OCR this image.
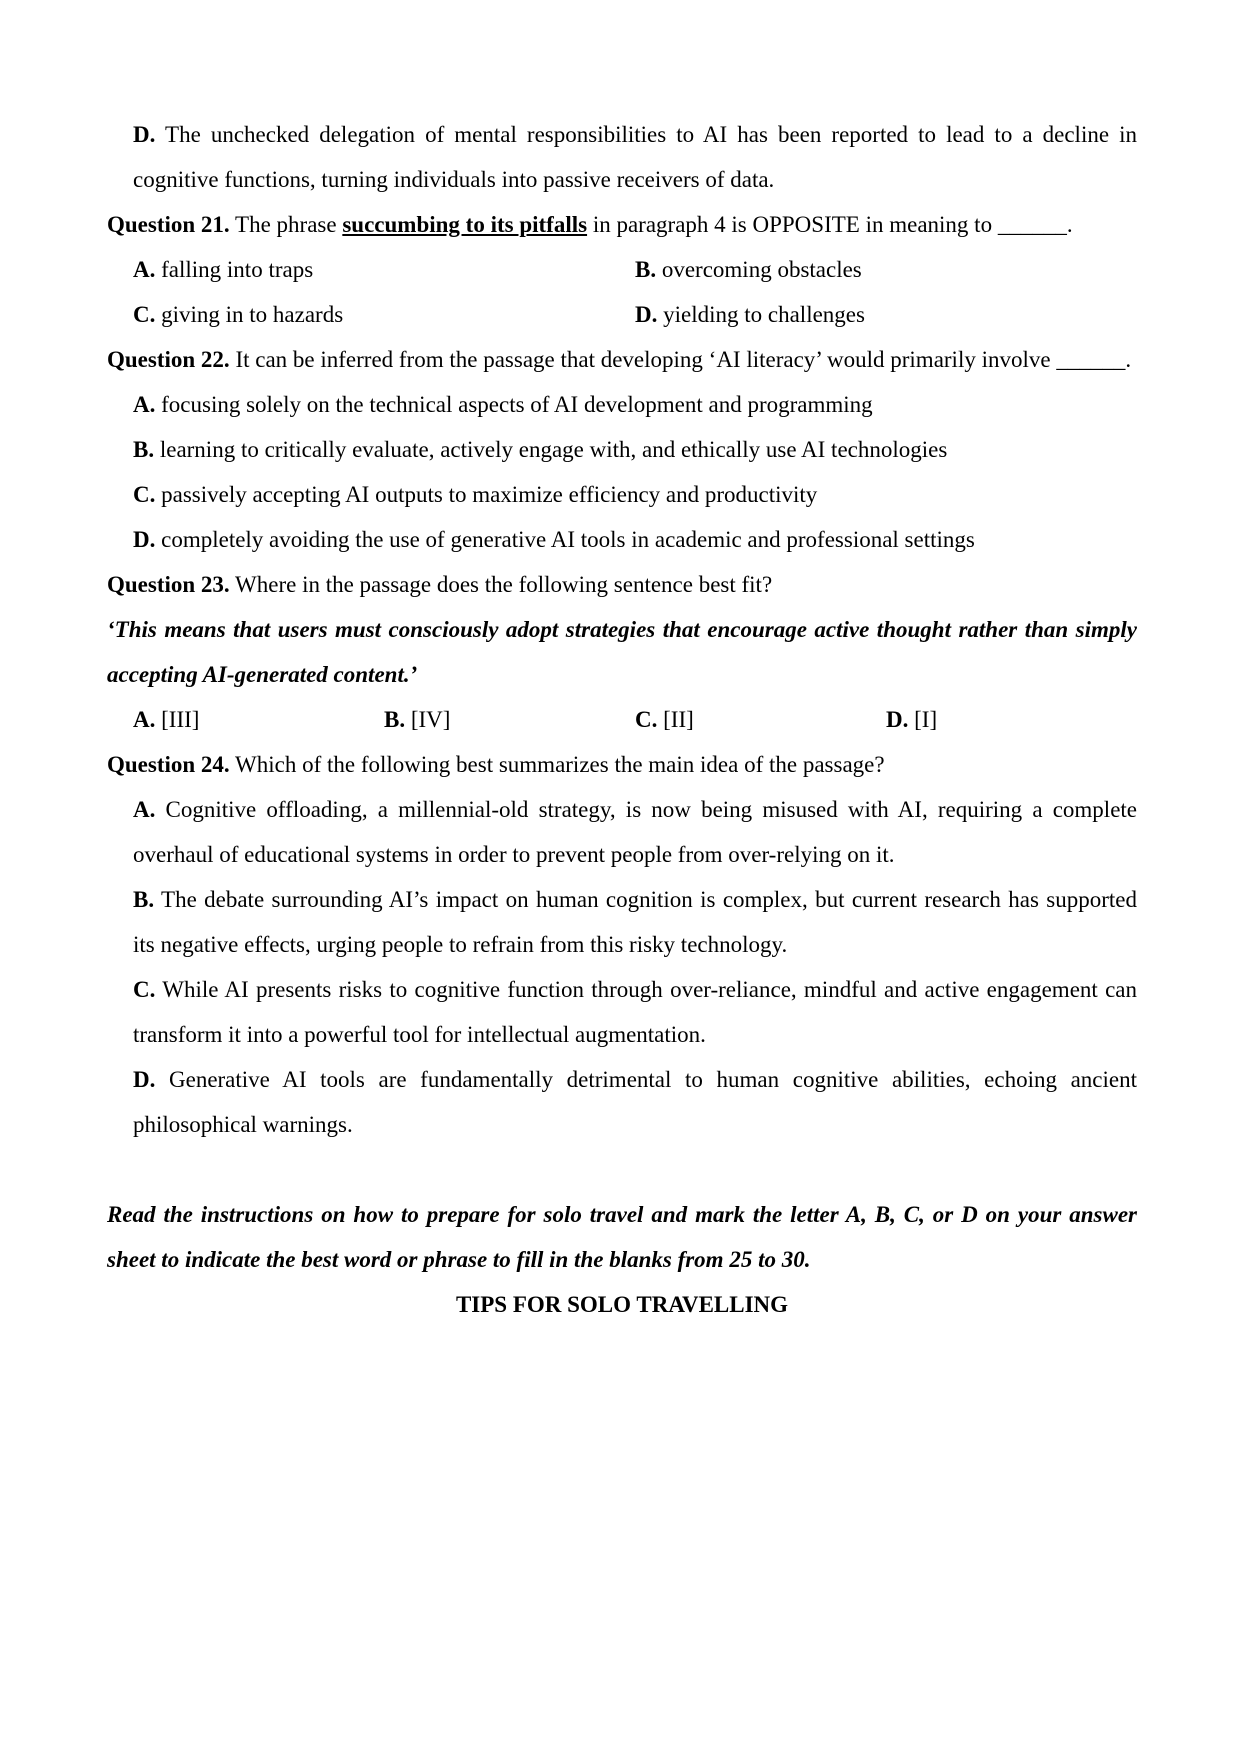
D. The unchecked delegation of mental responsibilities to AI has been reported to lead to a decline in cognitive functions, turning individuals into passive receivers of data.

Question 21. The phrase succumbing to its pitfalls in paragraph 4 is OPPOSITE in meaning to ______.

A. falling into traps	B. overcoming obstacles
C. giving in to hazards	D. yielding to challenges

Question 22. It can be inferred from the passage that developing ‘AI literacy’ would primarily involve ______.

A. focusing solely on the technical aspects of AI development and programming

B. learning to critically evaluate, actively engage with, and ethically use AI technologies

C. passively accepting AI outputs to maximize efficiency and productivity

D. completely avoiding the use of generative AI tools in academic and professional settings

Question 23. Where in the passage does the following sentence best fit?

‘This means that users must consciously adopt strategies that encourage active thought rather than simply accepting AI-generated content.’

A. [III]	B. [IV]	C. [II]	D. [I]

Question 24. Which of the following best summarizes the main idea of the passage?

A. Cognitive offloading, a millennial-old strategy, is now being misused with AI, requiring a complete overhaul of educational systems in order to prevent people from over-relying on it.

B. The debate surrounding AI’s impact on human cognition is complex, but current research has supported its negative effects, urging people to refrain from this risky technology.

C. While AI presents risks to cognitive function through over-reliance, mindful and active engagement can transform it into a powerful tool for intellectual augmentation.

D. Generative AI tools are fundamentally detrimental to human cognitive abilities, echoing ancient philosophical warnings.

Read the instructions on how to prepare for solo travel and mark the letter A, B, C, or D on your answer sheet to indicate the best word or phrase to fill in the blanks from 25 to 30.

TIPS FOR SOLO TRAVELLING
